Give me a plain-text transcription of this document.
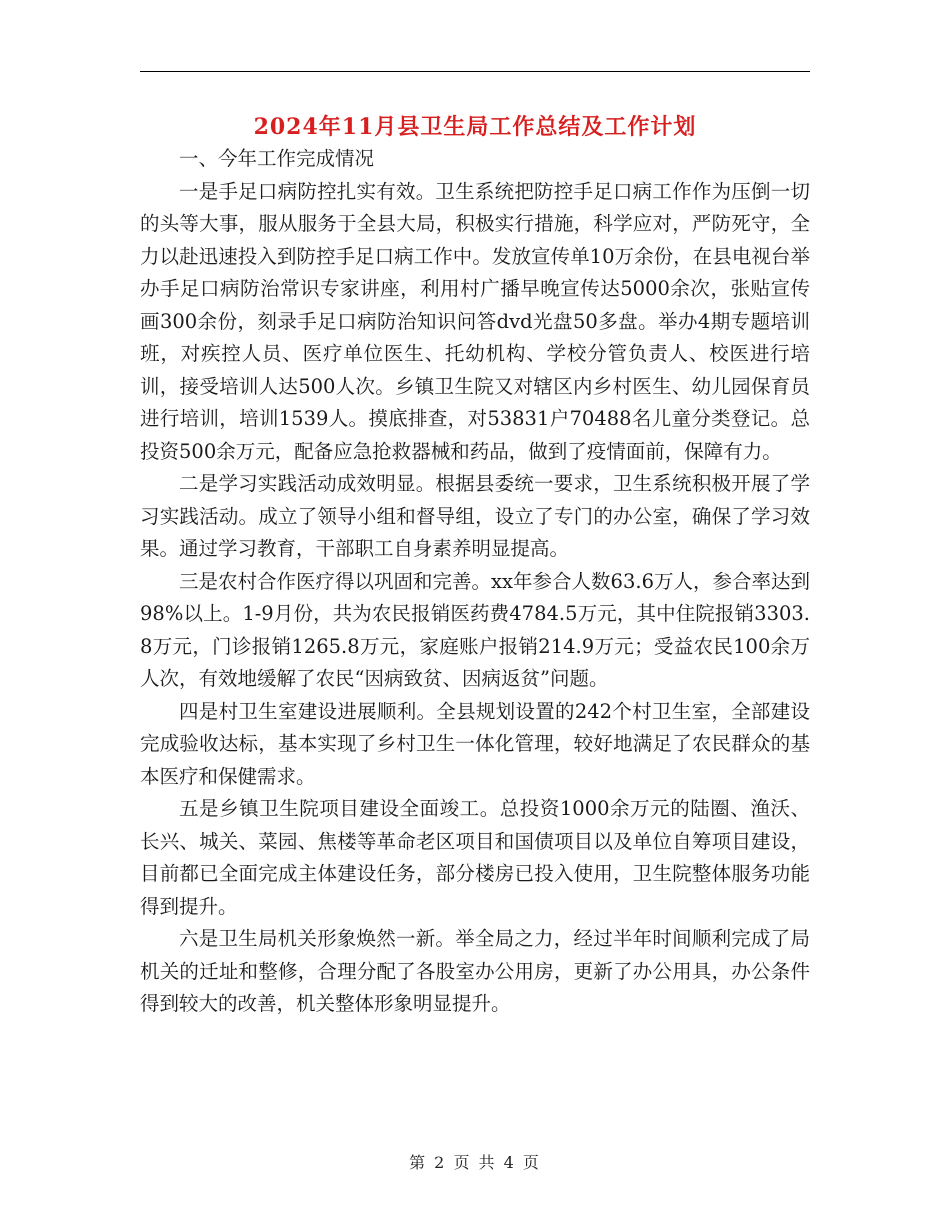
2024年11月县卫生局工作总结及工作计划

一、今年工作完成情况

一是手足口病防控扎实有效。卫生系统把防控手足口病工作作为压倒一切的头等大事，服从服务于全县大局，积极实行措施，科学应对，严防死守，全力以赴迅速投入到防控手足口病工作中。发放宣传单10万余份，在县电视台举办手足口病防治常识专家讲座，利用村广播早晚宣传达5000余次，张贴宣传画300余份，刻录手足口病防治知识问答dvd光盘50多盘。举办4期专题培训班，对疾控人员、医疗单位医生、托幼机构、学校分管负责人、校医进行培训，接受培训人达500人次。乡镇卫生院又对辖区内乡村医生、幼儿园保育员进行培训，培训1539人。摸底排查，对53831户70488名儿童分类登记。总投资500余万元，配备应急抢救器械和药品，做到了疫情面前，保障有力。

二是学习实践活动成效明显。根据县委统一要求，卫生系统积极开展了学习实践活动。成立了领导小组和督导组，设立了专门的办公室，确保了学习效果。通过学习教育，干部职工自身素养明显提高。

三是农村合作医疗得以巩固和完善。xx年参合人数63.6万人，参合率达到98%以上。1-9月份，共为农民报销医药费4784.5万元，其中住院报销3303.8万元，门诊报销1265.8万元，家庭账户报销214.9万元；受益农民100余万人次，有效地缓解了农民“因病致贫、因病返贫”问题。

四是村卫生室建设进展顺利。全县规划设置的242个村卫生室，全部建设完成验收达标，基本实现了乡村卫生一体化管理，较好地满足了农民群众的基本医疗和保健需求。

五是乡镇卫生院项目建设全面竣工。总投资1000余万元的陆圈、渔沃、长兴、城关、菜园、焦楼等革命老区项目和国债项目以及单位自筹项目建设，目前都已全面完成主体建设任务，部分楼房已投入使用，卫生院整体服务功能得到提升。

六是卫生局机关形象焕然一新。举全局之力，经过半年时间顺利完成了局机关的迁址和整修，合理分配了各股室办公用房，更新了办公用具，办公条件得到较大的改善，机关整体形象明显提升。

第 2 页 共 4 页
